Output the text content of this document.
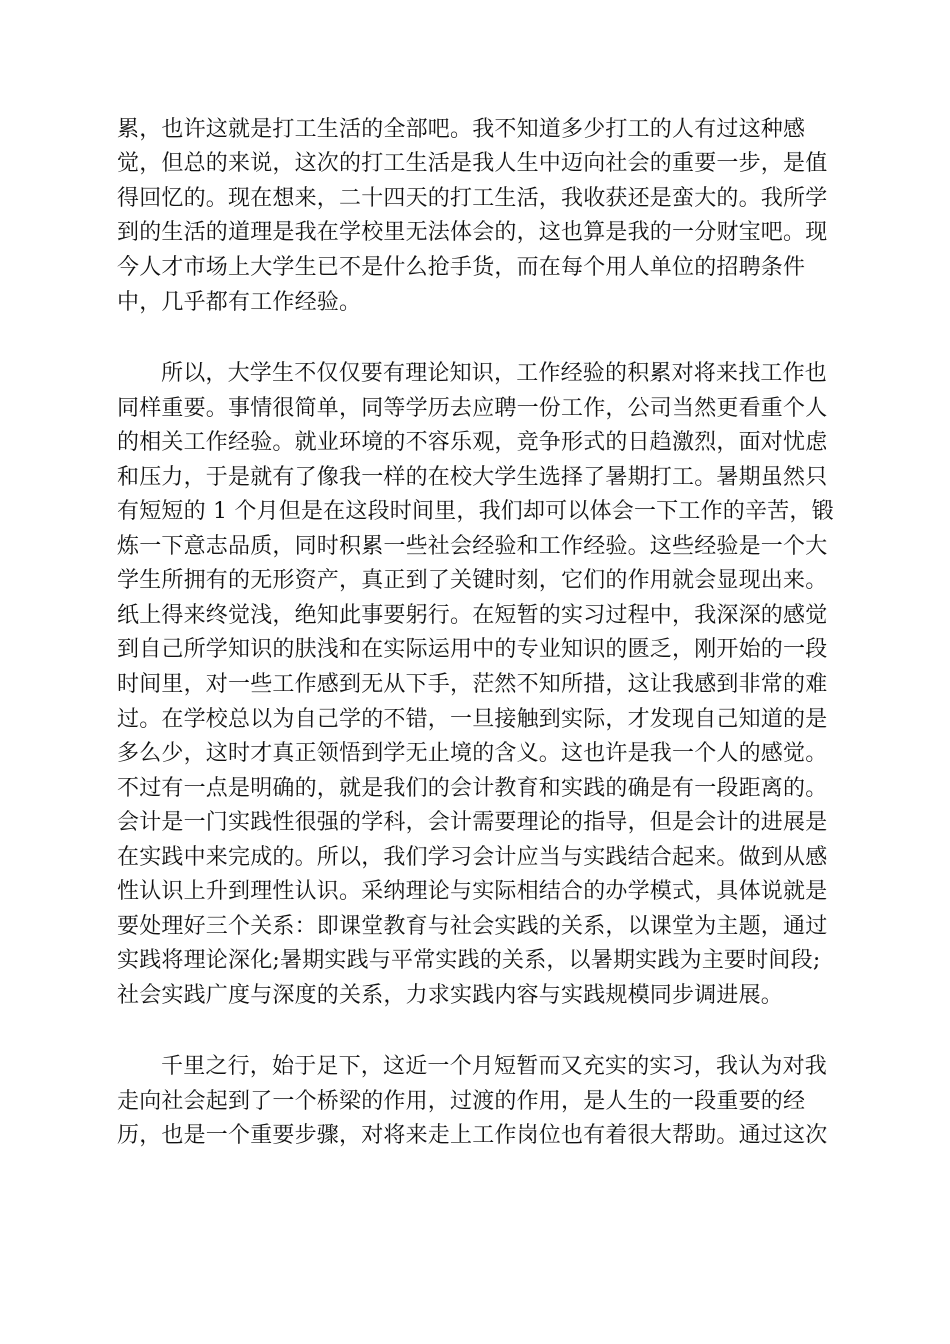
累，也许这就是打工生活的全部吧。我不知道多少打工的人有过这种感
觉，但总的来说，这次的打工生活是我人生中迈向社会的重要一步，是值
得回忆的。现在想来，二十四天的打工生活，我收获还是蛮大的。我所学
到的生活的道理是我在学校里无法体会的，这也算是我的一分财宝吧。现
今人才市场上大学生已不是什么抢手货，而在每个用人单位的招聘条件
中，几乎都有工作经验。
所以，大学生不仅仅要有理论知识，工作经验的积累对将来找工作也
同样重要。事情很简单，同等学历去应聘一份工作，公司当然更看重个人
的相关工作经验。就业环境的不容乐观，竞争形式的日趋激烈，面对忧虑
和压力，于是就有了像我一样的在校大学生选择了暑期打工。暑期虽然只
有短短的 1 个月但是在这段时间里，我们却可以体会一下工作的辛苦，锻
炼一下意志品质，同时积累一些社会经验和工作经验。这些经验是一个大
学生所拥有的无形资产，真正到了关键时刻，它们的作用就会显现出来。
纸上得来终觉浅，绝知此事要躬行。在短暂的实习过程中，我深深的感觉
到自己所学知识的肤浅和在实际运用中的专业知识的匮乏，刚开始的一段
时间里，对一些工作感到无从下手，茫然不知所措，这让我感到非常的难
过。在学校总以为自己学的不错，一旦接触到实际，才发现自己知道的是
多么少，这时才真正领悟到学无止境的含义。这也许是我一个人的感觉。
不过有一点是明确的，就是我们的会计教育和实践的确是有一段距离的。
会计是一门实践性很强的学科，会计需要理论的指导，但是会计的进展是
在实践中来完成的。所以，我们学习会计应当与实践结合起来。做到从感
性认识上升到理性认识。采纳理论与实际相结合的办学模式，具体说就是
要处理好三个关系：即课堂教育与社会实践的关系，以课堂为主题，通过
实践将理论深化;暑期实践与平常实践的关系，以暑期实践为主要时间段;
社会实践广度与深度的关系，力求实践内容与实践规模同步调进展。
千里之行，始于足下，这近一个月短暂而又充实的实习，我认为对我
走向社会起到了一个桥梁的作用，过渡的作用，是人生的一段重要的经
历，也是一个重要步骤，对将来走上工作岗位也有着很大帮助。通过这次
